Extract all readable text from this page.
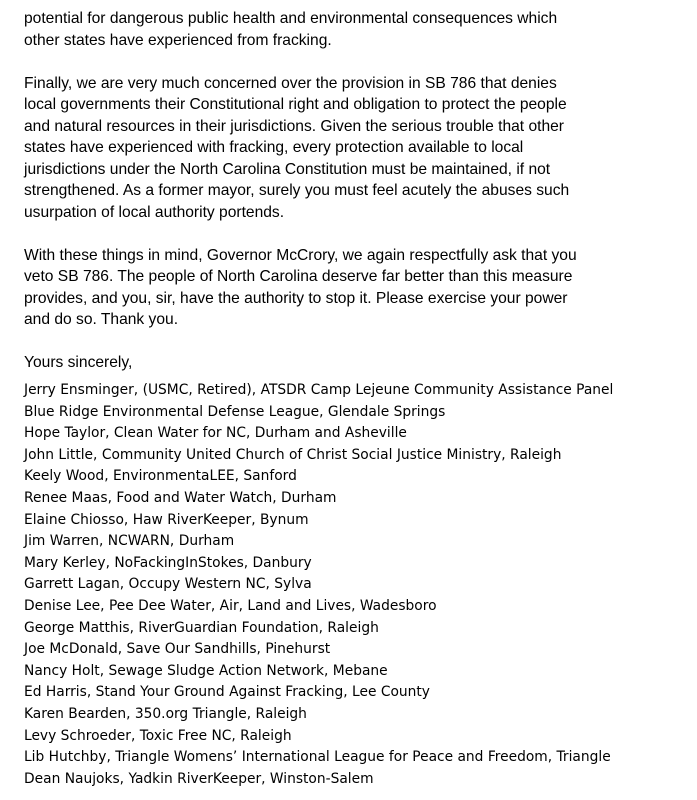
potential for dangerous public health and environmental consequences which
other states have experienced from fracking.
Finally, we are very much concerned over the provision in SB 786 that denies
local governments their Constitutional right and obligation to protect the people
and natural resources in their jurisdictions. Given the serious trouble that other
states have experienced with fracking, every protection available to local
jurisdictions under the North Carolina Constitution must be maintained, if not
strengthened. As a former mayor, surely you must feel acutely the abuses such
usurpation of local authority portends.
With these things in mind, Governor McCrory, we again respectfully ask that you
veto SB 786. The people of North Carolina deserve far better than this measure
provides, and you, sir, have the authority to stop it. Please exercise your power
and do so. Thank you.

Yours sincerely,

Jerry Ensminger, (USMC, Retired), ATSDR Camp Lejeune Community Assistance Panel
Blue Ridge Environmental Defense League, Glendale Springs
Hope Taylor, Clean Water for NC, Durham and Asheville
John Little, Community United Church of Christ Social Justice Ministry, Raleigh
Keely Wood, EnvironmentaLEE, Sanford
Renee Maas, Food and Water Watch, Durham
Elaine Chiosso, Haw RiverKeeper, Bynum
Jim Warren, NCWARN, Durham
Mary Kerley, NoFackingInStokes, Danbury
Garrett Lagan, Occupy Western NC, Sylva
Denise Lee, Pee Dee Water, Air, Land and Lives, Wadesboro
George Matthis, RiverGuardian Foundation, Raleigh
Joe McDonald, Save Our Sandhills, Pinehurst
Nancy Holt, Sewage Sludge Action Network, Mebane
Ed Harris, Stand Your Ground Against Fracking, Lee County
Karen Bearden, 350.org Triangle, Raleigh
Levy Schroeder, Toxic Free NC, Raleigh
Lib Hutchby, Triangle Womens’ International League for Peace and Freedom, Triangle
Dean Naujoks, Yadkin RiverKeeper, Winston-Salem
